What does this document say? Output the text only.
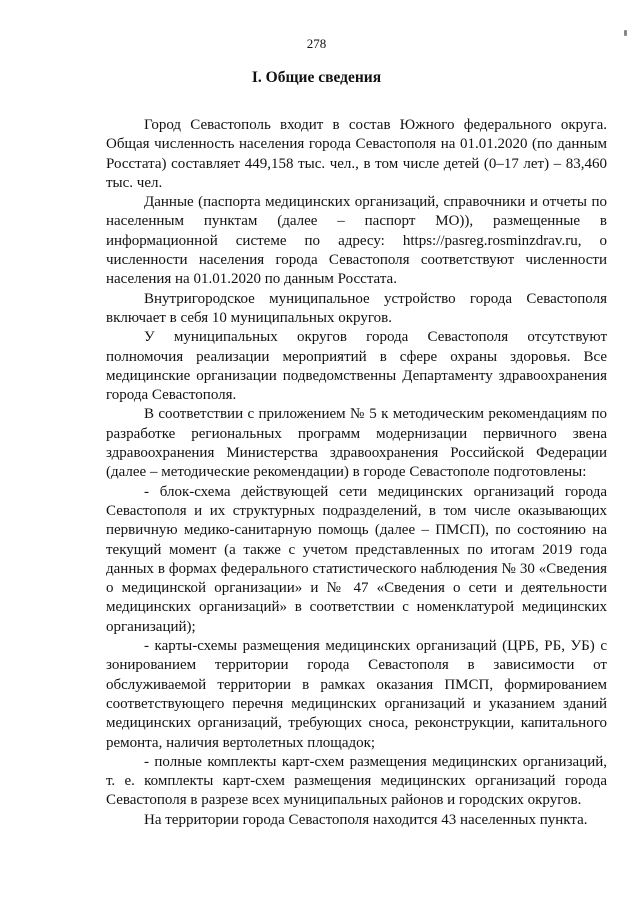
278
I. Общие сведения

Город Севастополь входит в состав Южного федерального округа. Общая численность населения города Севастополя на 01.01.2020 (по данным Росстата) составляет 449,158 тыс. чел., в том числе детей (0–17 лет) – 83,460 тыс. чел.

Данные (паспорта медицинских организаций, справочники и отчеты по населенным пунктам (далее – паспорт МО)), размещенные в информационной системе по адресу: https://pasreg.rosminzdrav.ru, о численности населения города Севастополя соответствуют численности населения на 01.01.2020 по данным Росстата.

Внутригородское муниципальное устройство города Севастополя включает в себя 10 муниципальных округов.

У муниципальных округов города Севастополя отсутствуют полномочия реализации мероприятий в сфере охраны здоровья. Все медицинские организации подведомственны Департаменту здравоохранения города Севастополя.

В соответствии с приложением № 5 к методическим рекомендациям по разработке региональных программ модернизации первичного звена здравоохранения Министерства здравоохранения Российской Федерации (далее – методические рекомендации) в городе Севастополе подготовлены:

- блок-схема действующей сети медицинских организаций города Севастополя и их структурных подразделений, в том числе оказывающих первичную медико-санитарную помощь (далее – ПМСП), по состоянию на текущий момент (а также с учетом представленных по итогам 2019 года данных в формах федерального статистического наблюдения № 30 «Сведения о медицинской организации» и № 47 «Сведения о сети и деятельности медицинских организаций» в соответствии с номенклатурой медицинских организаций);

- карты-схемы размещения медицинских организаций (ЦРБ, РБ, УБ) с зонированием территории города Севастополя в зависимости от обслуживаемой территории в рамках оказания ПМСП, формированием соответствующего перечня медицинских организаций и указанием зданий медицинских организаций, требующих сноса, реконструкции, капитального ремонта, наличия вертолетных площадок;

- полные комплекты карт-схем размещения медицинских организаций, т. е. комплекты карт-схем размещения медицинских организаций города Севастополя в разрезе всех муниципальных районов и городских округов.

На территории города Севастополя находится 43 населенных пункта.
